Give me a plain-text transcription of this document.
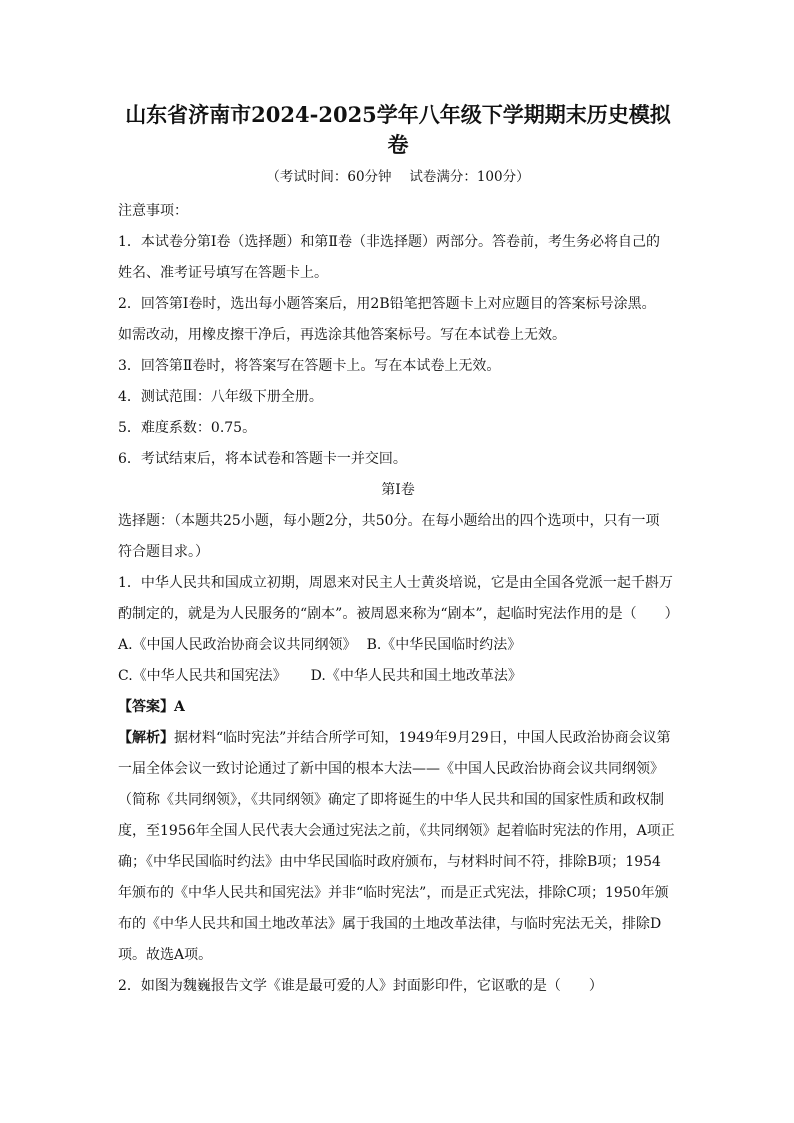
山东省济南市2024-2025学年八年级下学期期末历史模拟卷
（考试时间：60分钟　 试卷满分：100分）
注意事项：
1．本试卷分第Ⅰ卷（选择题）和第Ⅱ卷（非选择题）两部分。答卷前，考生务必将自己的
姓名、准考证号填写在答题卡上。
2．回答第Ⅰ卷时，选出每小题答案后，用2B铅笔把答题卡上对应题目的答案标号涂黑。
如需改动，用橡皮擦干净后，再选涂其他答案标号。写在本试卷上无效。
3．回答第Ⅱ卷时，将答案写在答题卡上。写在本试卷上无效。
4．测试范围：八年级下册全册。
5．难度系数：0.75。
6．考试结束后，将本试卷和答题卡一并交回。
第Ⅰ卷
选择题：（本题共25小题，每小题2分，共50分。在每小题给出的四个选项中，只有一项
符合题目求。）
1．中华人民共和国成立初期，周恩来对民主人士黄炎培说，它是由全国各党派一起千斟万
酌制定的，就是为人民服务的“剧本”。被周恩来称为“剧本”，起临时宪法作用的是（　　）
A.《中国人民政治协商会议共同纲领》 B.《中华民国临时约法》
C.《中华人民共和国宪法》 D.《中华人民共和国土地改革法》
【答案】A
【解析】据材料“临时宪法”并结合所学可知，1949年9月29日，中国人民政治协商会议第
一届全体会议一致讨论通过了新中国的根本大法——《中国人民政治协商会议共同纲领》
（简称《共同纲领》，《共同纲领》确定了即将诞生的中华人民共和国的国家性质和政权制
度，至1956年全国人民代表大会通过宪法之前，《共同纲领》起着临时宪法的作用，A项正
确；《中华民国临时约法》由中华民国临时政府颁布，与材料时间不符，排除B项；1954
年颁布的《中华人民共和国宪法》并非“临时宪法”，而是正式宪法，排除C项；1950年颁
布的《中华人民共和国土地改革法》属于我国的土地改革法律，与临时宪法无关，排除D
项。故选A项。
2．如图为魏巍报告文学《谁是最可爱的人》封面影印件，它讴歌的是（　　）
